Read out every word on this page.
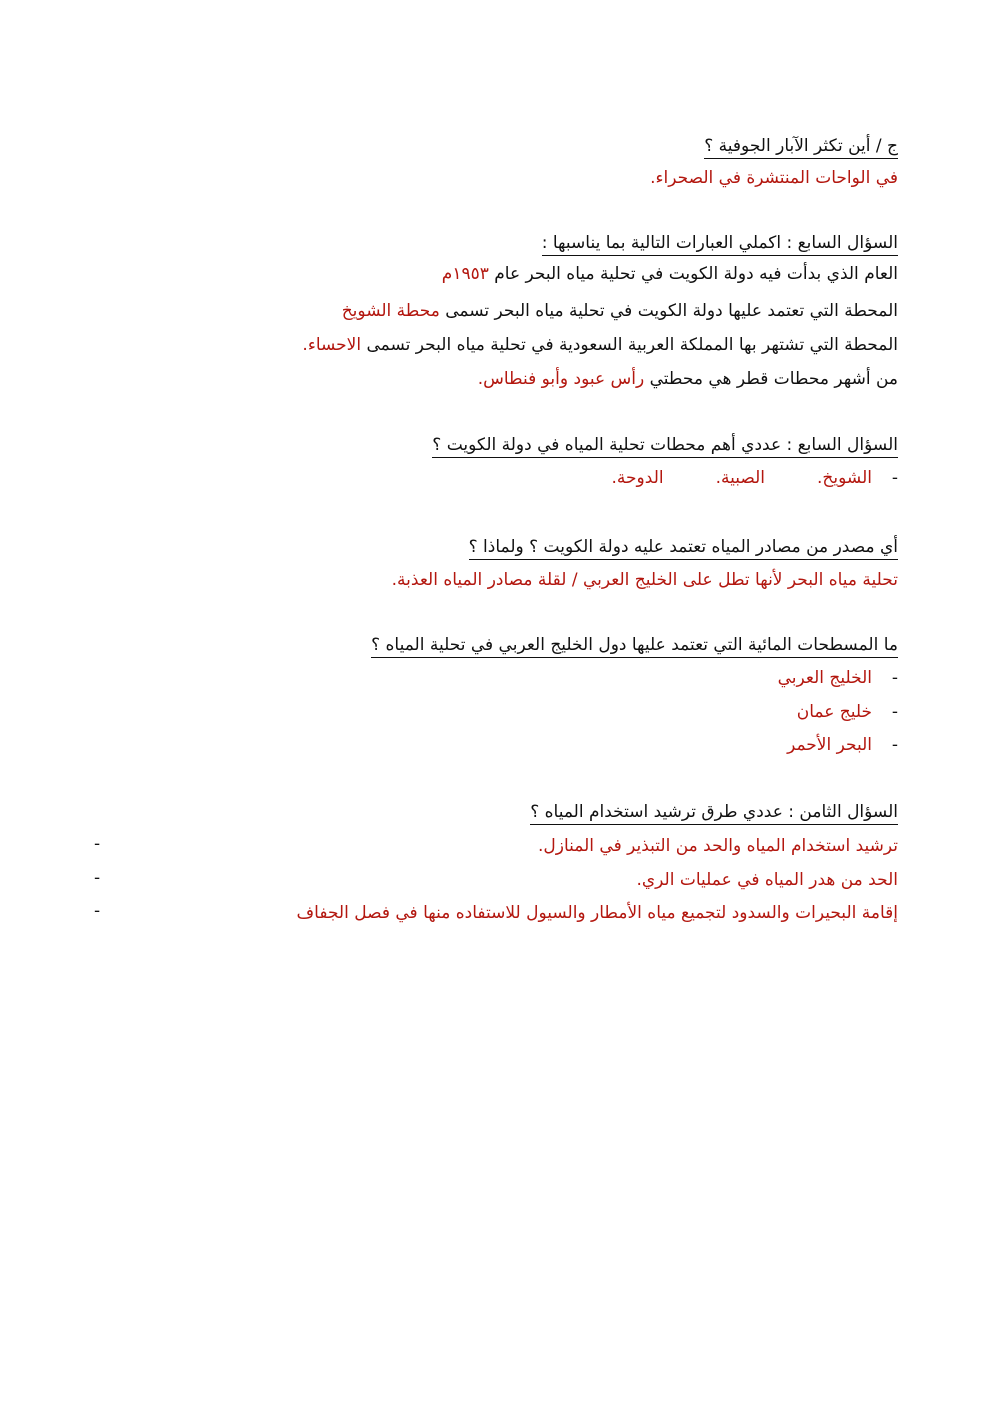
ج / أين تكثر الآبار الجوفية ؟
في الواحات المنتشرة في الصحراء.
السؤال السابع : اكملي العبارات التالية بما يناسبها :
العام الذي بدأت فيه دولة الكويت في تحلية مياه البحر عام ١٩٥٣م
المحطة التي تعتمد عليها دولة الكويت في تحلية مياه البحر تسمى محطة الشويخ
المحطة التي تشتهر بها المملكة العربية السعودية في تحلية مياه البحر تسمى الاحساء.
من أشهر محطات قطر هي محطتي رأس عبود وأبو فنطاس.
السؤال السابع : عددي أهم محطات تحلية المياه في دولة الكويت ؟
-الشويخ.الصبية.الدوحة.
أي مصدر من مصادر المياه تعتمد عليه دولة الكويت ؟ ولماذا ؟
تحلية مياه البحر لأنها تطل على الخليج العربي / لقلة مصادر المياه العذبة.
ما المسطحات المائية التي تعتمد عليها دول الخليج العربي في تحلية المياه ؟
-الخليج العربي
-خليج عمان
-البحر الأحمر
السؤال الثامن : عددي طرق ترشيد استخدام المياه ؟
ترشيد استخدام المياه والحد من التبذير في المنازل.
-
الحد من هدر المياه في عمليات الري.
-
إقامة البحيرات والسدود لتجميع مياه الأمطار والسيول للاستفاده منها في فصل الجفاف
-
